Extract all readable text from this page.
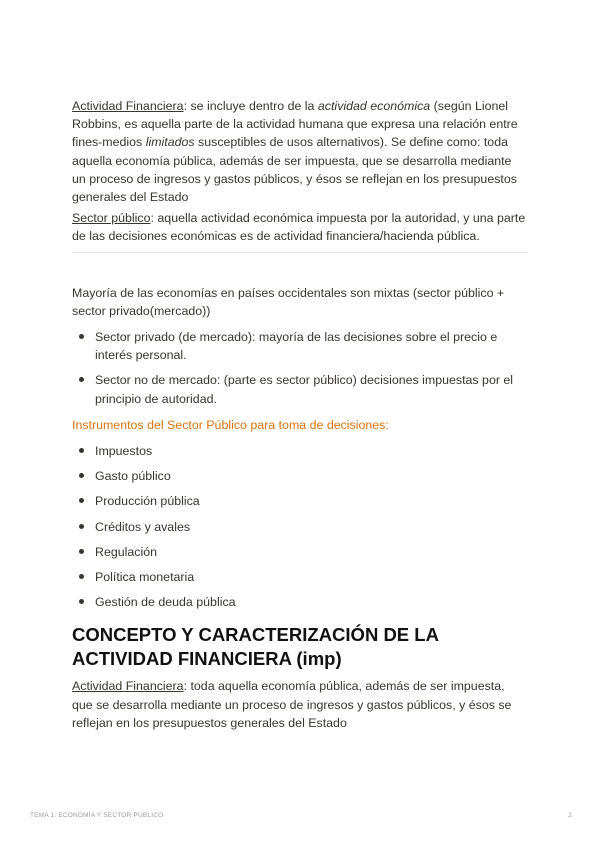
Actividad Financiera: se incluye dentro de la actividad económica (según Lionel Robbins, es aquella parte de la actividad humana que expresa una relación entre fines-medios limitados susceptibles de usos alternativos). Se define como: toda aquella economía pública, además de ser impuesta, que se desarrolla mediante un proceso de ingresos y gastos públicos, y ésos se reflejan en los presupuestos generales del Estado

Sector público: aquella actividad económica impuesta por la autoridad, y una parte de las decisiones económicas es de actividad financiera/hacienda pública.

Mayoría de las economías en países occidentales son mixtas (sector público + sector privado(mercado))

Sector privado (de mercado): mayoría de las decisiones sobre el precio e interés personal.
Sector no de mercado: (parte es sector público) decisiones impuestas por el principio de autoridad.

Instrumentos del Sector Público para toma de decisiones:

Impuestos
Gasto público
Producción pública
Créditos y avales
Regulación
Política monetaria
Gestión de deuda pública
CONCEPTO Y CARACTERIZACIÓN DE LA ACTIVIDAD FINANCIERA (imp)

Actividad Financiera: toda aquella economía pública, además de ser impuesta, que se desarrolla mediante un proceso de ingresos y gastos públicos, y ésos se reflejan en los presupuestos generales del Estado

TEMA 1: ECONOMÍA Y SECTOR PÚBLICO	2
